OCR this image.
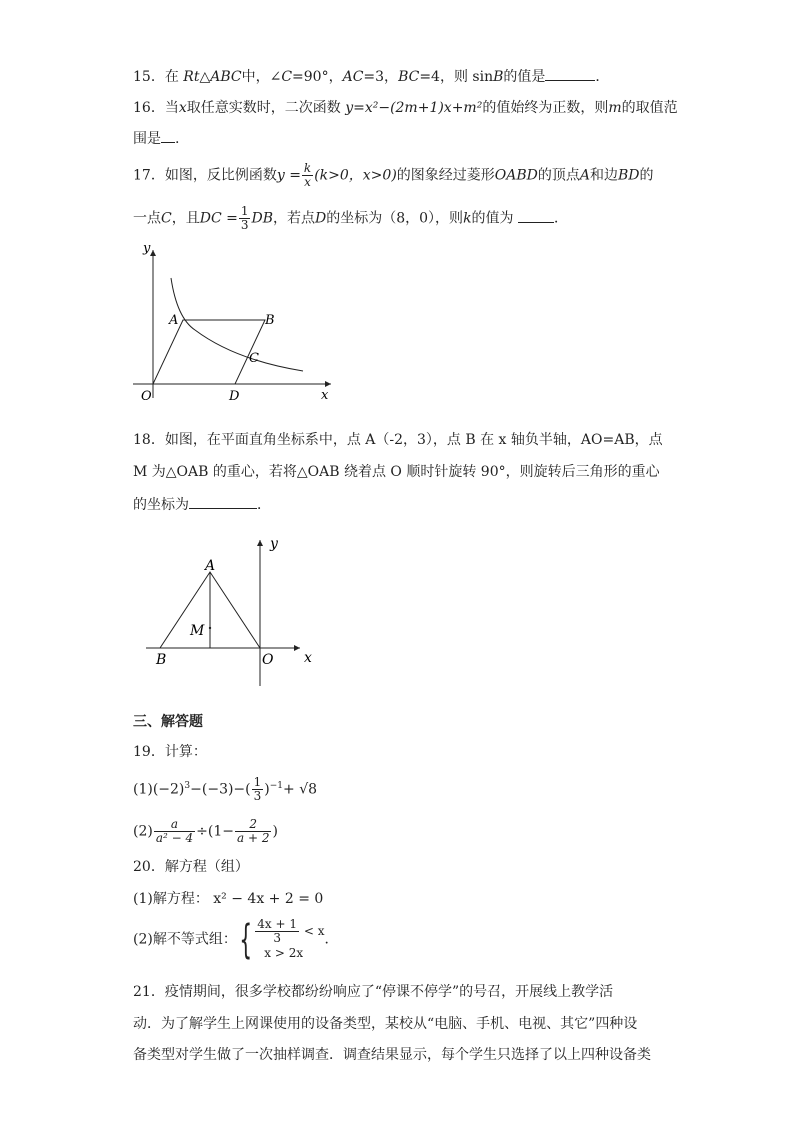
15．在 Rt△ABC中，∠C=90°，AC=3，BC=4，则 sinB的值是	．
16．当x取任意实数时，二次函数 y=x²−(2m+1)x+m²的值始终为正数，则m的取值范
围是 .
17．如图，反比例函数$y = \frac{k}{x} (k>0$，x>0)的图象经过菱形OABD的顶点A和边BD的
一点C，且DC = $\frac{1}{3}$ DB，若点D的坐标为（8，0），则k的值为	．
y
x
O
A	B
C
D
18．如图，在平面直角坐标系中，点 A（-2，3），点 B 在 x 轴负半轴，AO=AB，点
M 为△OAB 的重心，若将△OAB 绕着点 O 顺时针旋转 90°，则旋转后三角形的重心
的坐标为	．
y
x
A
M
B	O
三、解答题
19．计算：
$(1)(-2)^3-(-3)-( \frac{1}{3} )^{-1}+ √8$
$(2) \frac{a}{\text{a² − 4}} \div(1- \frac{2}{a + 2}$ )
20．解方程（组）
(1)解方程： x² − 4x + 2 = 0
(2)解不等式组：{ $\frac{4x + 1}{3} < x$
x > 2x
．
21．疫情期间，很多学校都纷纷响应了“停课不停学”的号召，开展线上教学活
动．为了解学生上网课使用的设备类型，某校从“电脑、手机、电视、其它”四种设
备类型对学生做了一次抽样调查．调查结果显示，每个学生只选择了以上四种设备类
